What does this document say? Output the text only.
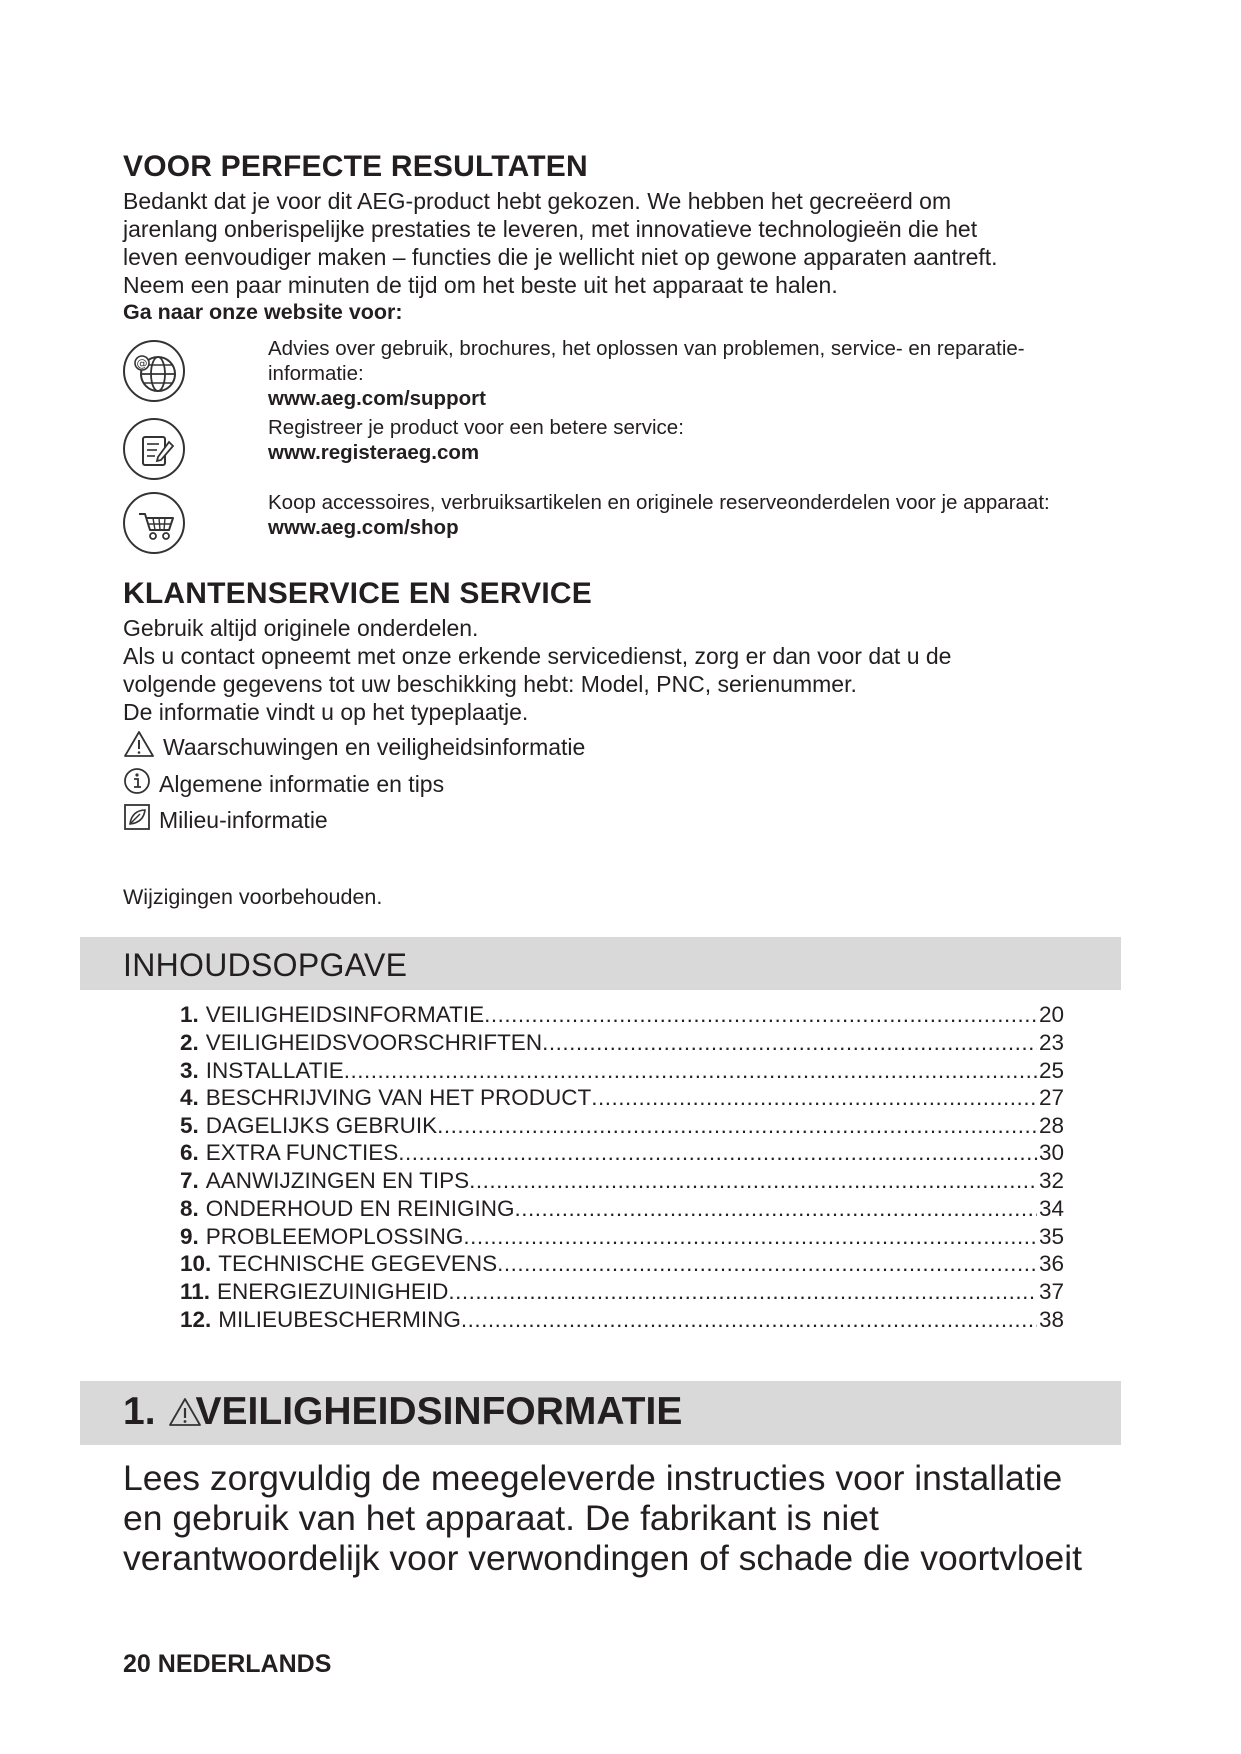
VOOR PERFECTE RESULTATEN
Bedankt dat je voor dit AEG-product hebt gekozen. We hebben het gecreëerd om
jarenlang onberispelijke prestaties te leveren, met innovatieve technologieën die het
leven eenvoudiger maken – functies die je wellicht niet op gewone apparaten aantreft.
Neem een paar minuten de tijd om het beste uit het apparaat te halen.
Ga naar onze website voor:
@
Advies over gebruik, brochures, het oplossen van problemen, service- en reparatie-
informatie:
www.aeg.com/support
Registreer je product voor een betere service:
www.registeraeg.com
Koop accessoires, verbruiksartikelen en originele reserveonderdelen voor je apparaat:
www.aeg.com/shop
KLANTENSERVICE EN SERVICE
Gebruik altijd originele onderdelen.
Als u contact opneemt met onze erkende servicedienst, zorg er dan voor dat u de
volgende gegevens tot uw beschikking hebt: Model, PNC, serienummer.
De informatie vindt u op het typeplaatje.
Waarschuwingen en veiligheidsinformatie
Algemene informatie en tips
Milieu-informatie
Wijzigingen voorbehouden.
INHOUDSOPGAVE
1. VEILIGHEIDSINFORMATIE .....	20
2. VEILIGHEIDSVOORSCHRIFTEN .....	23
3. INSTALLATIE .....	25
4. BESCHRIJVING VAN HET PRODUCT .....	27
5. DAGELIJKS GEBRUIK .....	28
6. EXTRA FUNCTIES .....	30
7. AANWIJZINGEN EN TIPS .....	32
8. ONDERHOUD EN REINIGING .....	34
9. PROBLEEMOPLOSSING .....	35
10. TECHNISCHE GEGEVENS .....	36
11. ENERGIEZUINIGHEID .....	37
12. MILIEUBESCHERMING .....	38
1. VEILIGHEIDSINFORMATIE
Lees zorgvuldig de meegeleverde instructies voor installatie
en gebruik van het apparaat. De fabrikant is niet
verantwoordelijk voor verwondingen of schade die voortvloeit
20 NEDERLANDS
